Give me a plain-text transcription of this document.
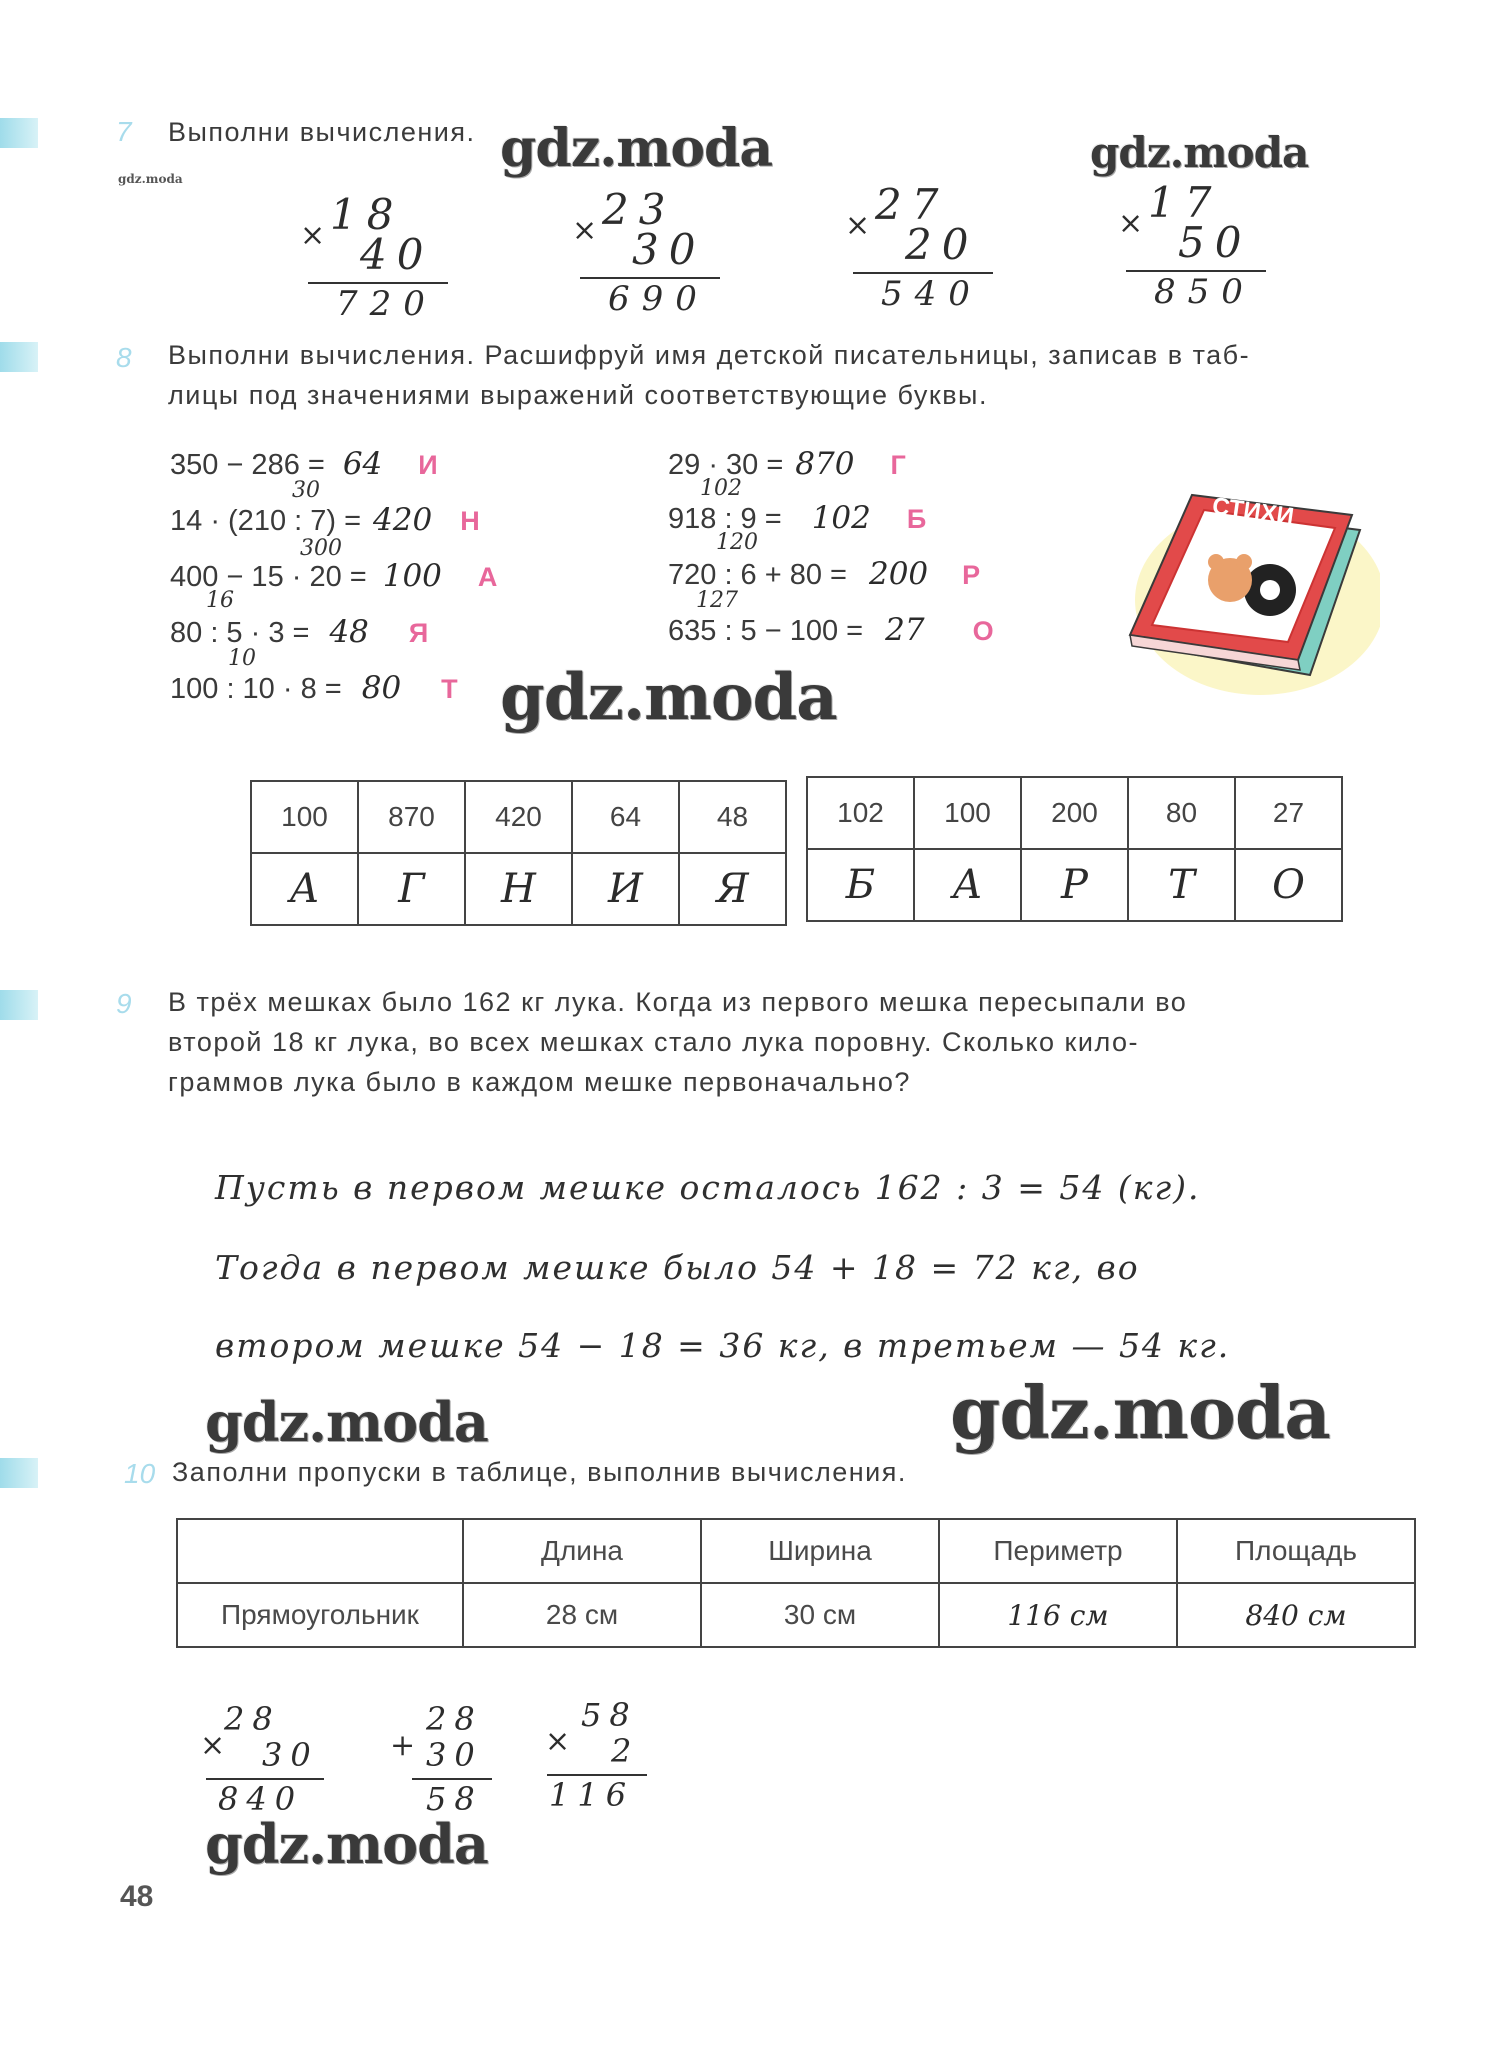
7 Выполни вычисления.
gdz.moda	gdz.moda	gdz.moda
× 18
40
720
× 23
30
690
× 27
20
540
× 17
50
850
8 Выполни вычисления. Расшифруй имя детской писательницы, записав в таб-
лицы под значениями выражений соответствующие буквы.
30
300
16
10
350 − 286 = 64 И
14 · (210 : 7) = 420 Н
400 − 15 · 20 = 100 А
80 : 5 · 3 = 48 Я
100 : 10 · 8 = 80 Т
102
120
127
29 · 30 = 870 Г
918 : 9 = 102 Б
720 : 6 + 80 = 200 Р
635 : 5 − 100 = 27 О
СТИХИ
gdz.moda
100	870	420	64	48
А	Г	Н	И	Я
102	100	200	80	27
Б	А	Р	Т	О
9 В трёх мешках было 162 кг лука. Когда из первого мешка пересыпали во
второй 18 кг лука, во всех мешках стало лука поровну. Сколько кило-
граммов лука было в каждом мешке первоначально?
Пусть в первом мешке осталось 162 : 3 = 54 (кг).
Тогда в первом мешке было 54 + 18 = 72 кг, во
втором мешке 54 − 18 = 36 кг, в третьем — 54 кг.
gdz.moda	gdz.moda
10 Заполни пропуски в таблице, выполнив вычисления.
	Длина	Ширина	Периметр	Площадь
Прямоугольник	28 см	30 см	116 см	840 см
×
28
30
840
+
28
30
58
×
58
2
116
gdz.moda
48
